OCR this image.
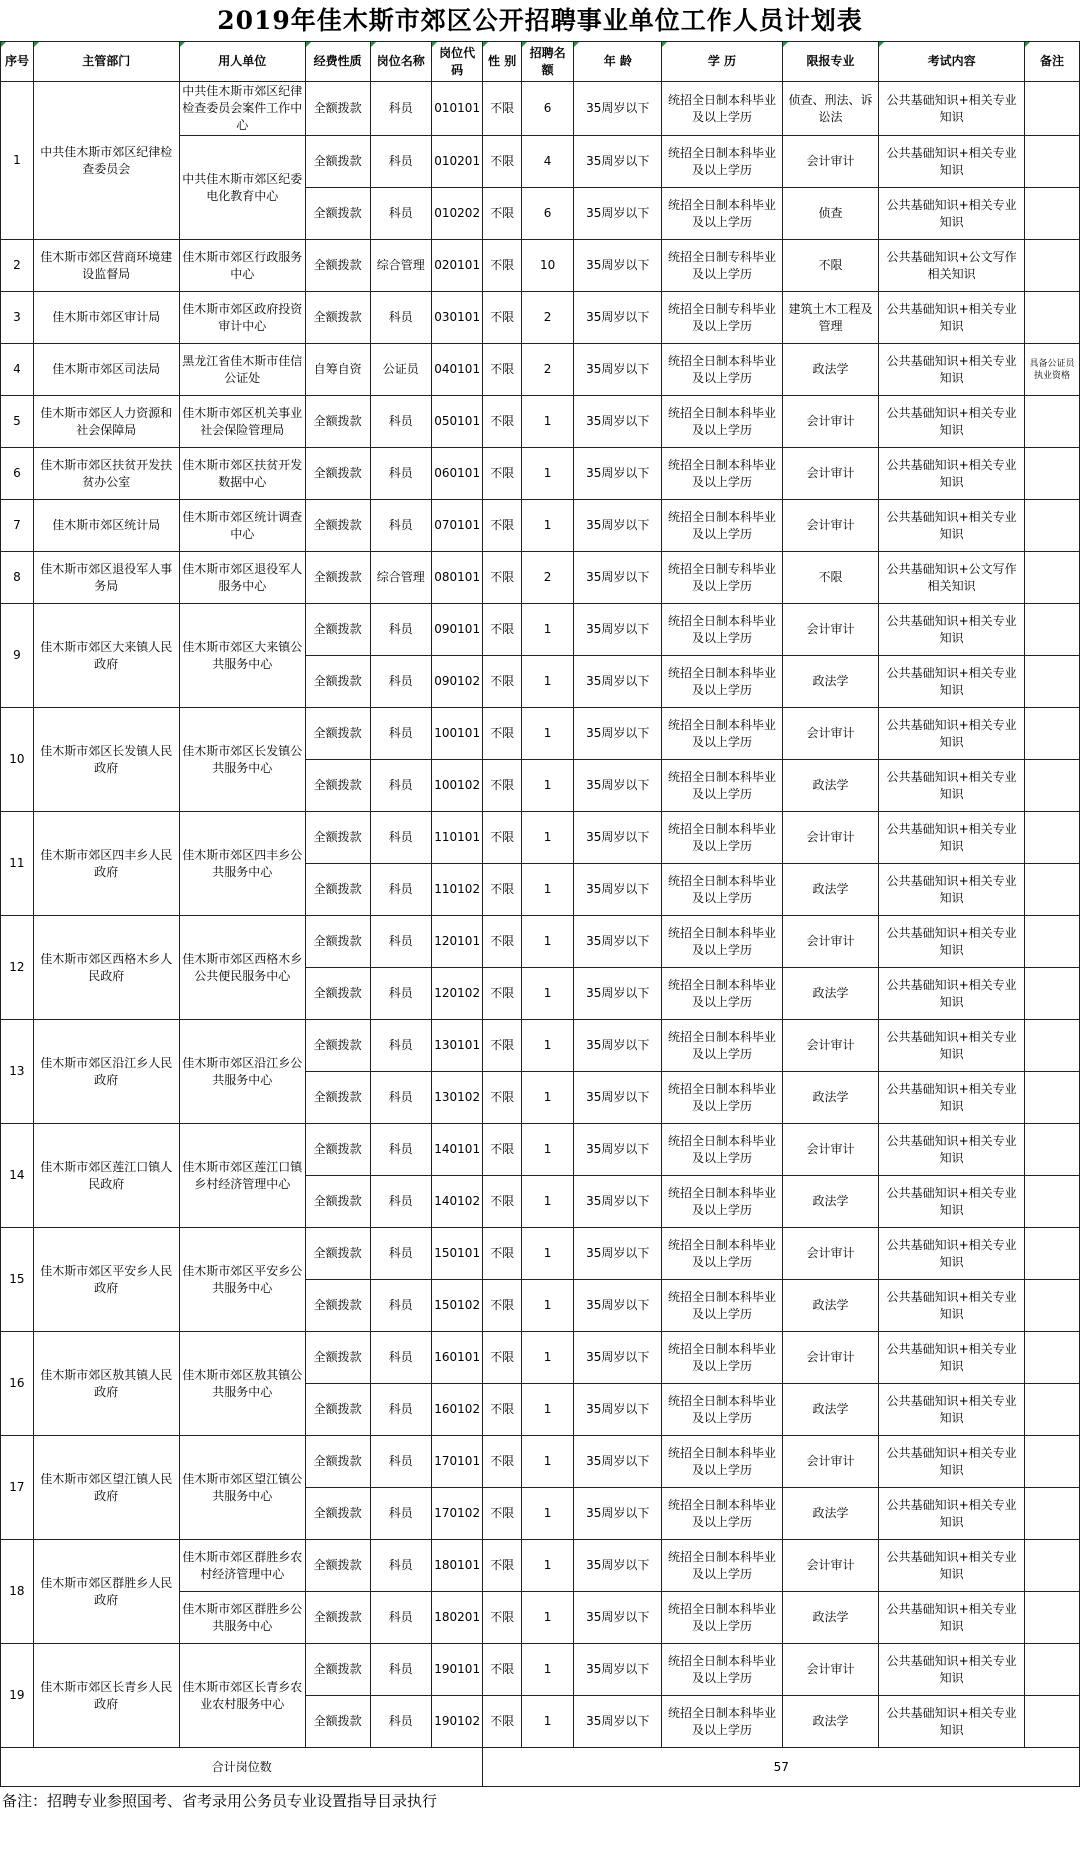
2019年佳木斯市郊区公开招聘事业单位工作人员计划表
序号	主管部门	用人单位	经费性质	岗位名称	岗位代码	性 别	招聘名额	年 龄	学 历	限报专业	考试内容	备注
1	中共佳木斯市郊区纪律检查委员会	中共佳木斯市郊区纪律检查委员会案件工作中心	全额拨款	科员	010101	不限	6	35周岁以下	统招全日制本科毕业及以上学历	侦查、刑法、诉讼法	公共基础知识+相关专业知识	
		中共佳木斯市郊区纪委电化教育中心	全额拨款	科员	010201	不限	4	35周岁以下	统招全日制本科毕业及以上学历	会计审计	公共基础知识+相关专业知识	
			全额拨款	科员	010202	不限	6	35周岁以下	统招全日制本科毕业及以上学历	侦查	公共基础知识+相关专业知识	
2	佳木斯市郊区营商环境建设监督局	佳木斯市郊区行政服务中心	全额拨款	综合管理	020101	不限	10	35周岁以下	统招全日制专科毕业及以上学历	不限	公共基础知识+公文写作相关知识	
3	佳木斯市郊区审计局	佳木斯市郊区政府投资审计中心	全额拨款	科员	030101	不限	2	35周岁以下	统招全日制专科毕业及以上学历	建筑土木工程及管理	公共基础知识+相关专业知识	
4	佳木斯市郊区司法局	黑龙江省佳木斯市佳信公证处	自筹自资	公证员	040101	不限	2	35周岁以下	统招全日制本科毕业及以上学历	政法学	公共基础知识+相关专业知识	具备公证员执业资格
5	佳木斯市郊区人力资源和社会保障局	佳木斯市郊区机关事业社会保险管理局	全额拨款	科员	050101	不限	1	35周岁以下	统招全日制本科毕业及以上学历	会计审计	公共基础知识+相关专业知识	
6	佳木斯市郊区扶贫开发扶贫办公室	佳木斯市郊区扶贫开发数据中心	全额拨款	科员	060101	不限	1	35周岁以下	统招全日制本科毕业及以上学历	会计审计	公共基础知识+相关专业知识	
7	佳木斯市郊区统计局	佳木斯市郊区统计调查中心	全额拨款	科员	070101	不限	1	35周岁以下	统招全日制本科毕业及以上学历	会计审计	公共基础知识+相关专业知识	
8	佳木斯市郊区退役军人事务局	佳木斯市郊区退役军人服务中心	全额拨款	综合管理	080101	不限	2	35周岁以下	统招全日制专科毕业及以上学历	不限	公共基础知识+公文写作相关知识	
9	佳木斯市郊区大来镇人民政府	佳木斯市郊区大来镇公共服务中心	全额拨款	科员	090101	不限	1	35周岁以下	统招全日制本科毕业及以上学历	会计审计	公共基础知识+相关专业知识	
			全额拨款	科员	090102	不限	1	35周岁以下	统招全日制本科毕业及以上学历	政法学	公共基础知识+相关专业知识	
10	佳木斯市郊区长发镇人民政府	佳木斯市郊区长发镇公共服务中心	全额拨款	科员	100101	不限	1	35周岁以下	统招全日制本科毕业及以上学历	会计审计	公共基础知识+相关专业知识	
			全额拨款	科员	100102	不限	1	35周岁以下	统招全日制本科毕业及以上学历	政法学	公共基础知识+相关专业知识	
11	佳木斯市郊区四丰乡人民政府	佳木斯市郊区四丰乡公共服务中心	全额拨款	科员	110101	不限	1	35周岁以下	统招全日制本科毕业及以上学历	会计审计	公共基础知识+相关专业知识	
			全额拨款	科员	110102	不限	1	35周岁以下	统招全日制本科毕业及以上学历	政法学	公共基础知识+相关专业知识	
12	佳木斯市郊区西格木乡人民政府	佳木斯市郊区西格木乡公共便民服务中心	全额拨款	科员	120101	不限	1	35周岁以下	统招全日制本科毕业及以上学历	会计审计	公共基础知识+相关专业知识	
			全额拨款	科员	120102	不限	1	35周岁以下	统招全日制本科毕业及以上学历	政法学	公共基础知识+相关专业知识	
13	佳木斯市郊区沿江乡人民政府	佳木斯市郊区沿江乡公共服务中心	全额拨款	科员	130101	不限	1	35周岁以下	统招全日制本科毕业及以上学历	会计审计	公共基础知识+相关专业知识	
			全额拨款	科员	130102	不限	1	35周岁以下	统招全日制本科毕业及以上学历	政法学	公共基础知识+相关专业知识	
14	佳木斯市郊区莲江口镇人民政府	佳木斯市郊区莲江口镇乡村经济管理中心	全额拨款	科员	140101	不限	1	35周岁以下	统招全日制本科毕业及以上学历	会计审计	公共基础知识+相关专业知识	
			全额拨款	科员	140102	不限	1	35周岁以下	统招全日制本科毕业及以上学历	政法学	公共基础知识+相关专业知识	
15	佳木斯市郊区平安乡人民政府	佳木斯市郊区平安乡公共服务中心	全额拨款	科员	150101	不限	1	35周岁以下	统招全日制本科毕业及以上学历	会计审计	公共基础知识+相关专业知识	
			全额拨款	科员	150102	不限	1	35周岁以下	统招全日制本科毕业及以上学历	政法学	公共基础知识+相关专业知识	
16	佳木斯市郊区敖其镇人民政府	佳木斯市郊区敖其镇公共服务中心	全额拨款	科员	160101	不限	1	35周岁以下	统招全日制本科毕业及以上学历	会计审计	公共基础知识+相关专业知识	
			全额拨款	科员	160102	不限	1	35周岁以下	统招全日制本科毕业及以上学历	政法学	公共基础知识+相关专业知识	
17	佳木斯市郊区望江镇人民政府	佳木斯市郊区望江镇公共服务中心	全额拨款	科员	170101	不限	1	35周岁以下	统招全日制本科毕业及以上学历	会计审计	公共基础知识+相关专业知识	
			全额拨款	科员	170102	不限	1	35周岁以下	统招全日制本科毕业及以上学历	政法学	公共基础知识+相关专业知识	
18	佳木斯市郊区群胜乡人民政府	佳木斯市郊区群胜乡农村经济管理中心	全额拨款	科员	180101	不限	1	35周岁以下	统招全日制本科毕业及以上学历	会计审计	公共基础知识+相关专业知识	
		佳木斯市郊区群胜乡公共服务中心	全额拨款	科员	180201	不限	1	35周岁以下	统招全日制本科毕业及以上学历	政法学	公共基础知识+相关专业知识	
19	佳木斯市郊区长青乡人民政府	佳木斯市郊区长青乡农业农村服务中心	全额拨款	科员	190101	不限	1	35周岁以下	统招全日制本科毕业及以上学历	会计审计	公共基础知识+相关专业知识	
			全额拨款	科员	190102	不限	1	35周岁以下	统招全日制本科毕业及以上学历	政法学	公共基础知识+相关专业知识	
合计岗位数						57						
备注：招聘专业参照国考、省考录用公务员专业设置指导目录执行
